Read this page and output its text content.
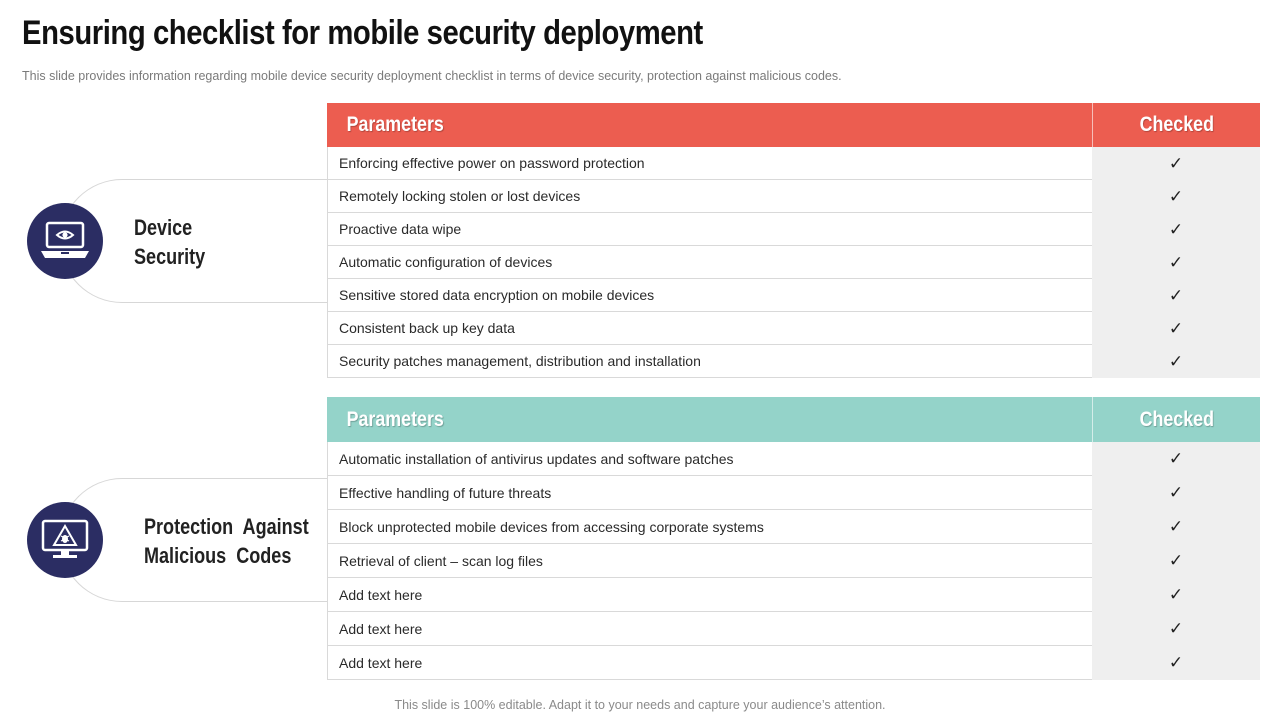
Ensuring checklist for mobile security deployment
This slide provides information regarding mobile device security deployment checklist in terms of device security, protection against malicious codes.
Device
Security
Parameters	Checked
Enforcing effective power on password protection	✓
Remotely locking stolen or lost devices	✓
Proactive data wipe	✓
Automatic configuration of devices	✓
Sensitive stored data encryption on mobile devices	✓
Consistent back up key data	✓
Security patches management, distribution and installation	✓
Protection  Against
Malicious  Codes
Parameters	Checked
Automatic installation of antivirus updates and software patches	✓
Effective handling of future threats	✓
Block unprotected mobile devices from accessing corporate systems	✓
Retrieval of client – scan log files	✓
Add text here	✓
Add text here	✓
Add text here	✓
This slide is 100% editable. Adapt it to your needs and capture your audience’s attention.
